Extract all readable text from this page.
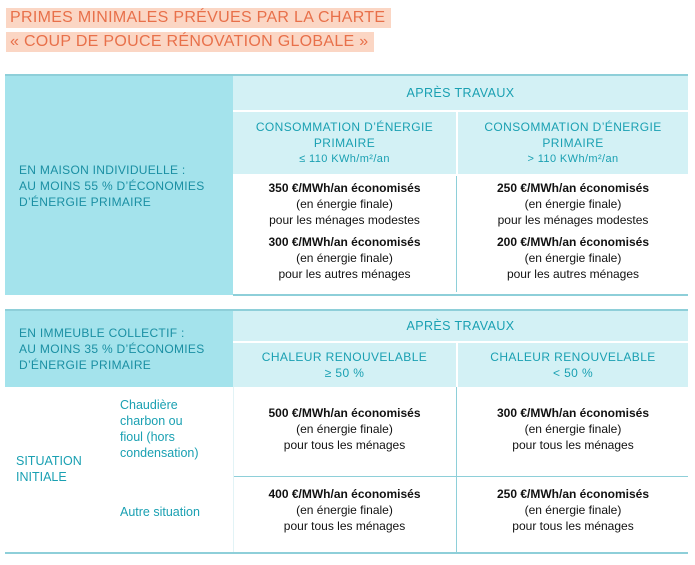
PRIMES MINIMALES PRÉVUES PAR LA CHARTE
« COUP DE POUCE RÉNOVATION GLOBALE »
EN MAISON INDIVIDUELLE :
AU MOINS 55 % D’ÉCONOMIES
D’ÉNERGIE PRIMAIRE
APRÈS TRAVAUX
CONSOMMATION D’ÉNERGIE
PRIMAIRE
≤ 110 KWh/m²/an
CONSOMMATION D’ÉNERGIE
PRIMAIRE
> 110 KWh/m²/an
350 €/MWh/an économisés
(en énergie finale)
pour les ménages modestes
300 €/MWh/an économisés
(en énergie finale)
pour les autres ménages
250 €/MWh/an économisés
(en énergie finale)
pour les ménages modestes
200 €/MWh/an économisés
(en énergie finale)
pour les autres ménages
EN IMMEUBLE COLLECTIF :
AU MOINS 35 % D’ÉCONOMIES
D’ÉNERGIE PRIMAIRE
APRÈS TRAVAUX
CHALEUR RENOUVELABLE
≥ 50 %
CHALEUR RENOUVELABLE
< 50 %
SITUATION
INITIALE
Chaudière
charbon ou
fioul (hors
condensation)
Autre situation
500 €/MWh/an économisés
(en énergie finale)
pour tous les ménages
300 €/MWh/an économisés
(en énergie finale)
pour tous les ménages
400 €/MWh/an économisés
(en énergie finale)
pour tous les ménages
250 €/MWh/an économisés
(en énergie finale)
pour tous les ménages
